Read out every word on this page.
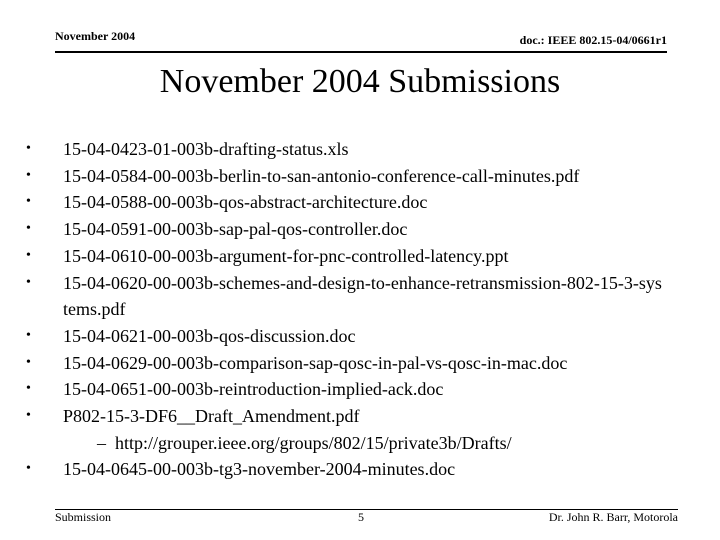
November 2004	doc.: IEEE 802.15-04/0661r1
November 2004 Submissions
• 15-04-0423-01-003b-drafting-status.xls
• 15-04-0584-00-003b-berlin-to-san-antonio-conference-call-minutes.pdf
• 15-04-0588-00-003b-qos-abstract-architecture.doc
• 15-04-0591-00-003b-sap-pal-qos-controller.doc
• 15-04-0610-00-003b-argument-for-pnc-controlled-latency.ppt
• 15-04-0620-00-003b-schemes-and-design-to-enhance-retransmission-802-15-3-systems.pdf
• 15-04-0621-00-003b-qos-discussion.doc
• 15-04-0629-00-003b-comparison-sap-qosc-in-pal-vs-qosc-in-mac.doc
• 15-04-0651-00-003b-reintroduction-implied-ack.doc
• P802-15-3-DF6__Draft_Amendment.pdf
– http://grouper.ieee.org/groups/802/15/private3b/Drafts/
• 15-04-0645-00-003b-tg3-november-2004-minutes.doc
Submission	5	Dr. John R. Barr, Motorola
